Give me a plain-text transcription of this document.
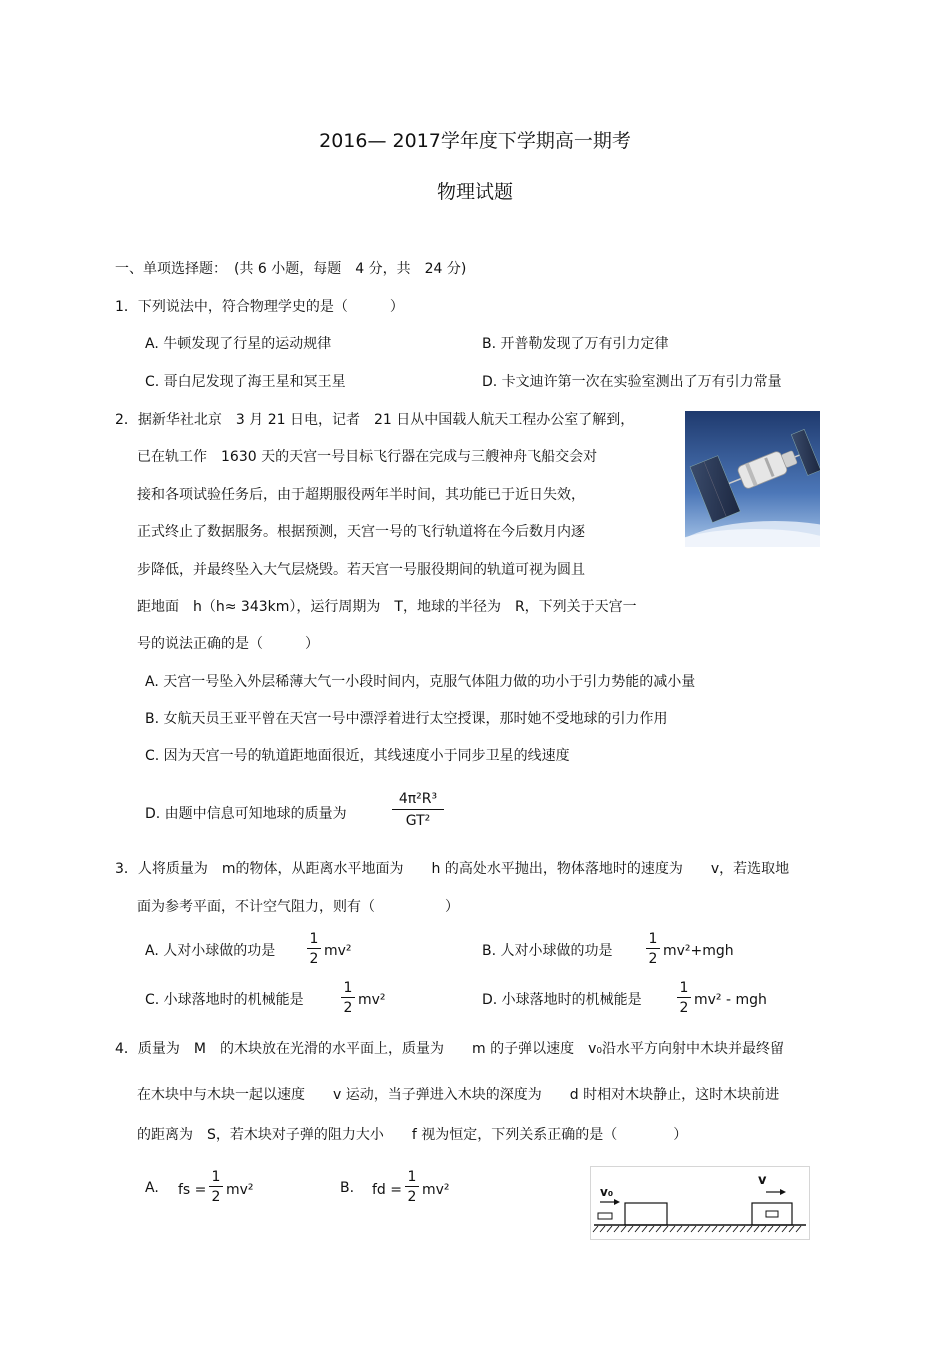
2016— 2017学年度下学期高一期考
物理试题
一、单项选择题：　(共 6 小题，每题　4 分，共　24 分)
1．下列说法中，符合物理学史的是（　　　）
A. 牛顿发现了行星的运动规律	B. 开普勒发现了万有引力定律
C. 哥白尼发现了海王星和冥王星	D. 卡文迪许第一次在实验室测出了万有引力常量
2．据新华社北京　3 月 21 日电，记者　21 日从中国载人航天工程办公室了解到，
已在轨工作　1630 天的天宫一号目标飞行器在完成与三艘神舟飞船交会对
接和各项试验任务后，由于超期服役两年半时间，其功能已于近日失效，
正式终止了数据服务。根据预测，天宫一号的飞行轨道将在今后数月内逐
步降低，并最终坠入大气层烧毁。若天宫一号服役期间的轨道可视为圆且
距地面　h（h≈ 343km），运行周期为　T，地球的半径为　R，下列关于天宫一
号的说法正确的是（　　　）
A. 天宫一号坠入外层稀薄大气一小段时间内，克服气体阻力做的功小于引力势能的减小量
B. 女航天员王亚平曾在天宫一号中漂浮着进行太空授课，那时她不受地球的引力作用
C. 因为天宫一号的轨道距地面很近，其线速度小于同步卫星的线速度
D. 由题中信息可知地球的质量为
4π²R³
GT²
3．人将质量为　m的物体，从距离水平地面为　　h 的高处水平抛出，物体落地时的速度为　　v，若选取地
面为参考平面，不计空气阻力，则有（　　　　　）
A. 人对小球做的功是
1
2 mv²	B. 人对小球做的功是
1
2 mv²+mgh
C. 小球落地时的机械能是
1
2 mv²	D. 小球落地时的机械能是
1
2 mv² - mgh
4．质量为　M　的木块放在光滑的水平面上，质量为　　m 的子弹以速度　v₀沿水平方向射中木块并最终留
在木块中与木块一起以速度　　v 运动，当子弹进入木块的深度为　　d 时相对木块静止，这时木块前进
的距离为　S，若木块对子弹的阻力大小　　f 视为恒定，下列关系正确的是（　　　　）
A. fs =
1
2 mv²	B. fd =
1
2 mv²	v₀
v
